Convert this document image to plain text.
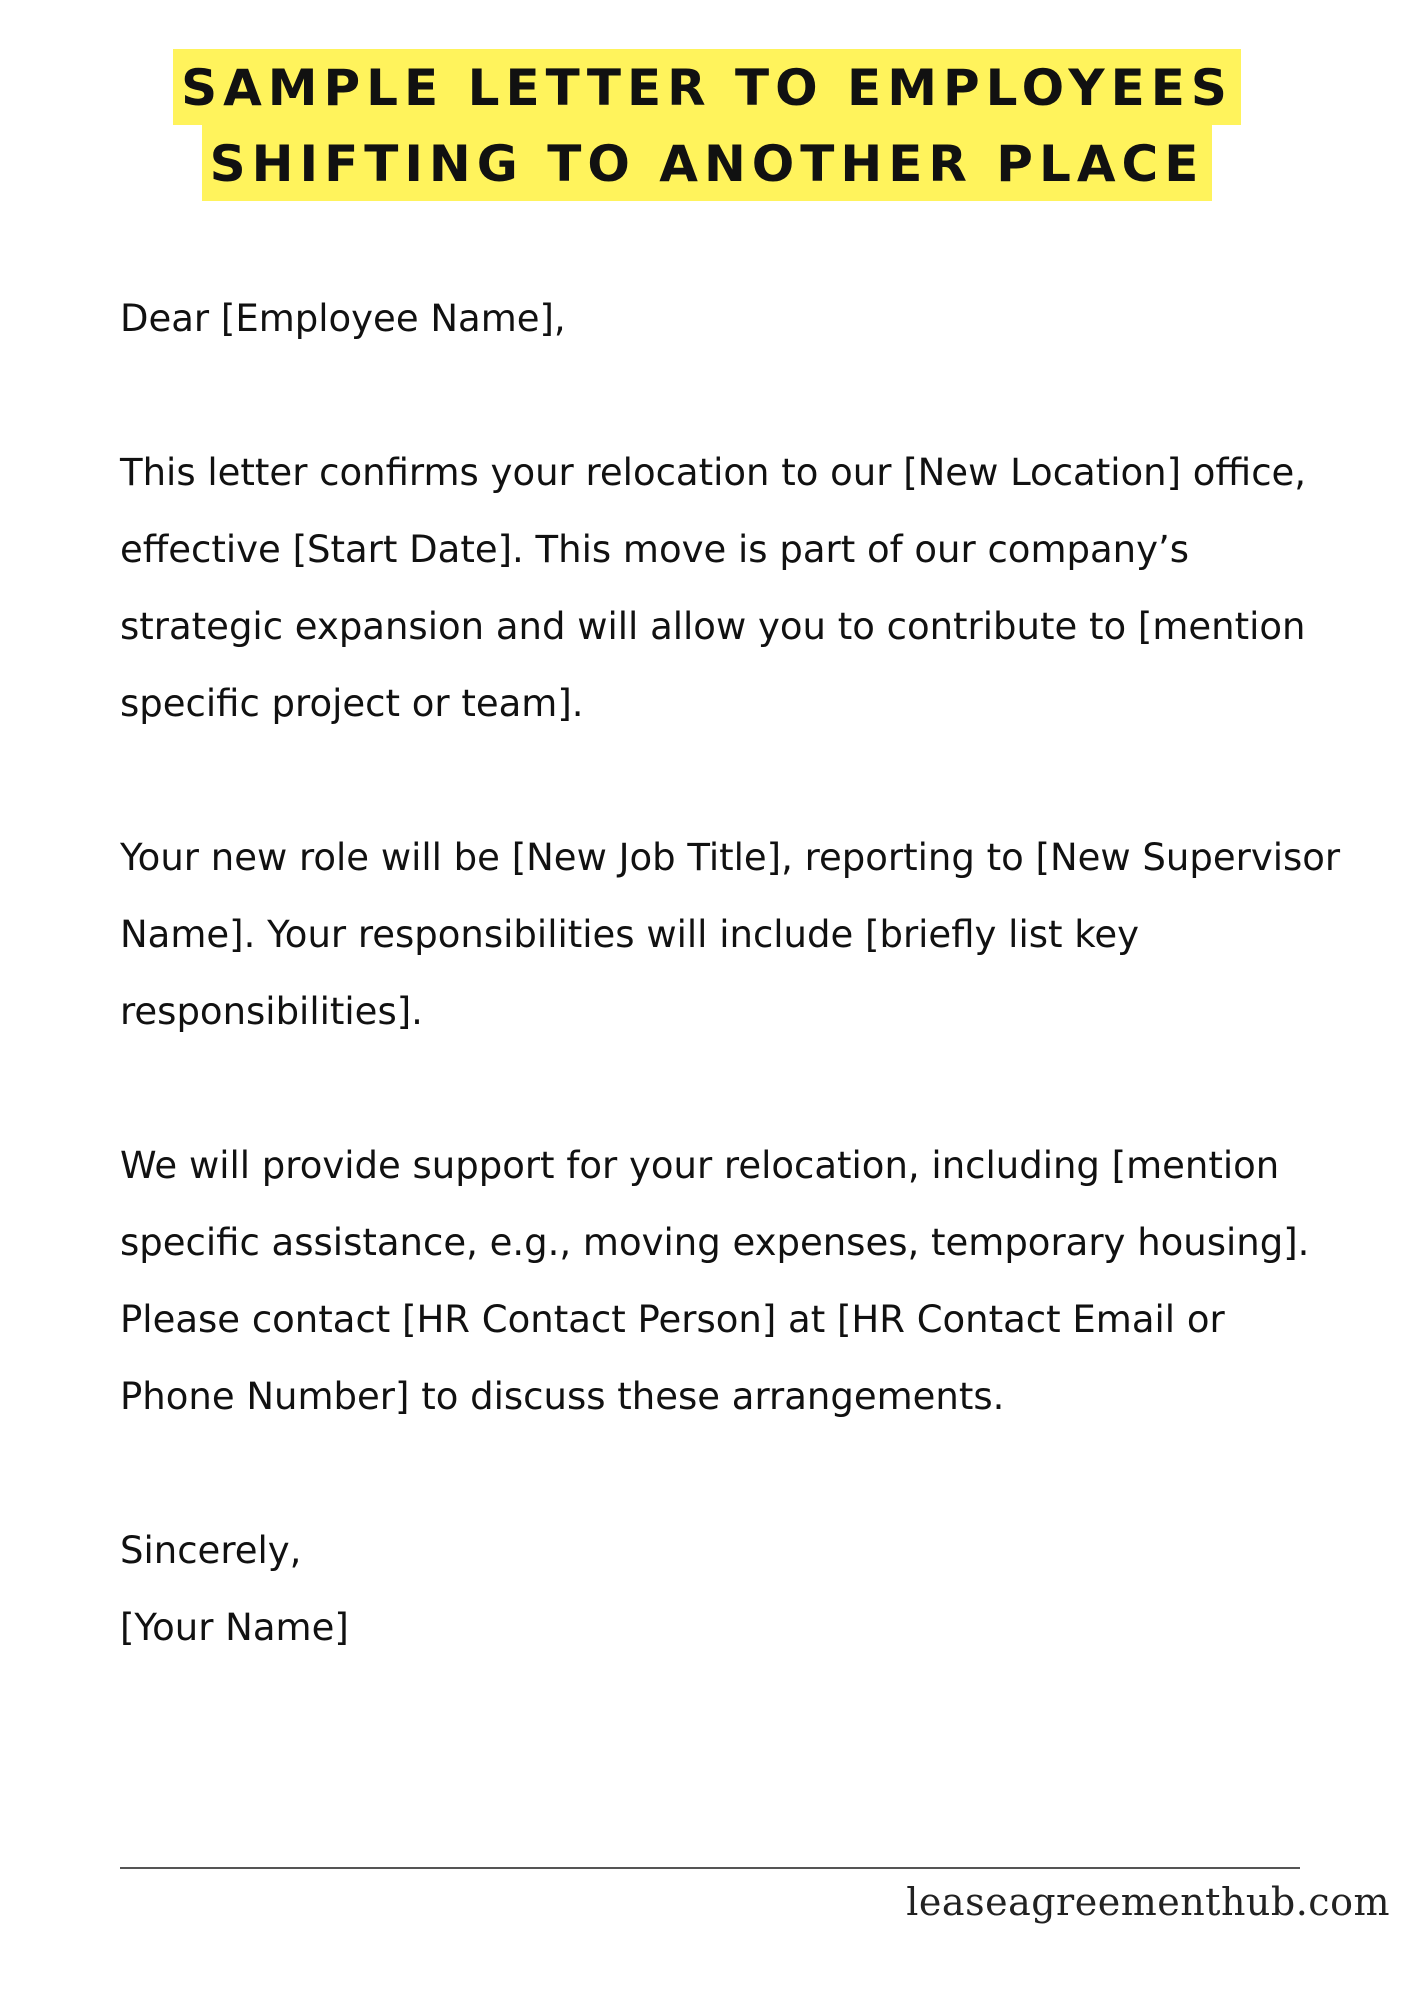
SAMPLE LETTER TO EMPLOYEES
SHIFTING TO ANOTHER PLACE

Dear [Employee Name],

This letter confirms your relocation to our [New Location] office, effective [Start Date]. This move is part of our company’s strategic expansion and will allow you to contribute to [mention specific project or team].

Your new role will be [New Job Title], reporting to [New Supervisor Name]. Your responsibilities will include [briefly list key responsibilities].

We will provide support for your relocation, including [mention specific assistance, e.g., moving expenses, temporary housing]. Please contact [HR Contact Person] at [HR Contact Email or Phone Number] to discuss these arrangements.

Sincerely,

[Your Name]

leaseagreementhub.com
